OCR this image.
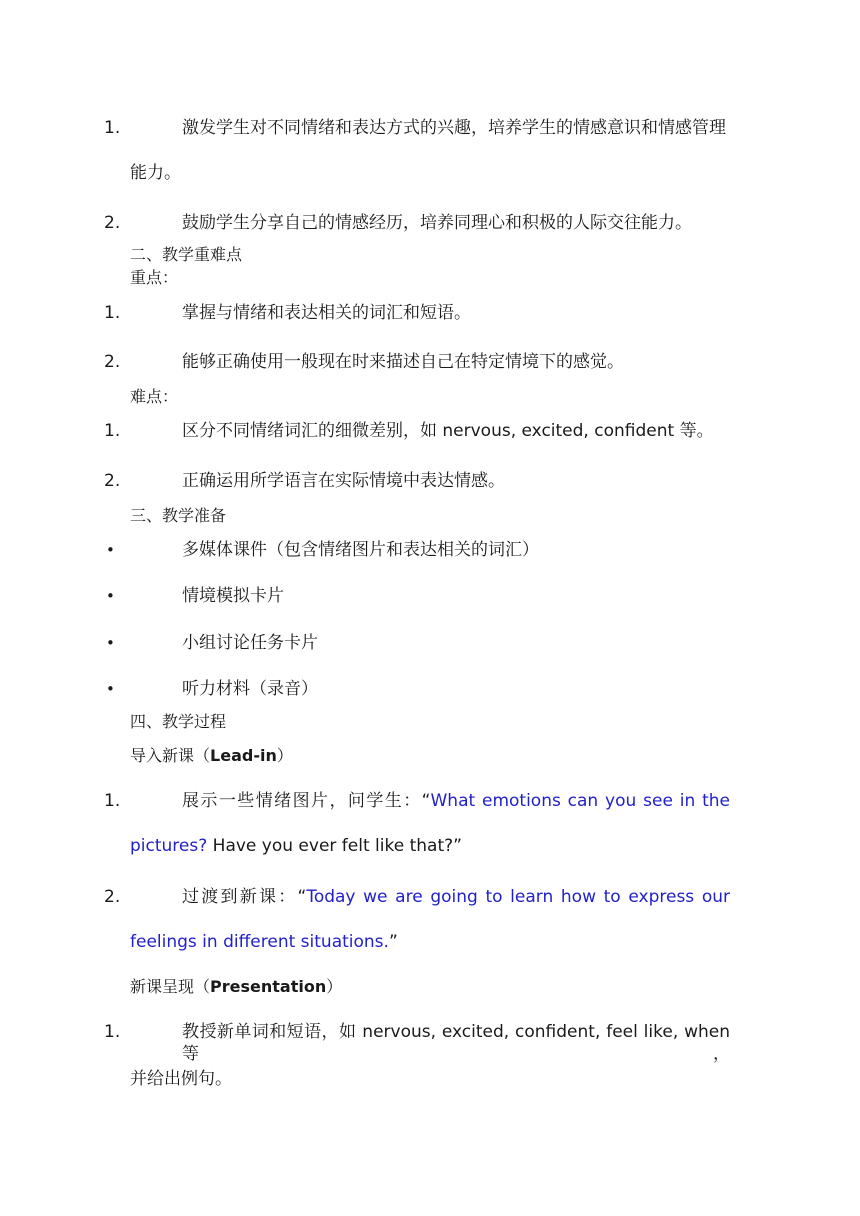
1.	激发学生对不同情绪和表达方式的兴趣，培养学生的情感意识和情感管理
能力。
2.	鼓励学生分享自己的情感经历，培养同理心和积极的人际交往能力。
二、教学重难点
重点：
1.	掌握与情绪和表达相关的词汇和短语。
2.	能够正确使用一般现在时来描述自己在特定情境下的感觉。
难点：
1.	区分不同情绪词汇的细微差别，如 nervous, excited, confident 等。
2.	正确运用所学语言在实际情境中表达情感。
三、教学准备
•	多媒体课件（包含情绪图片和表达相关的词汇）
•	情境模拟卡片
•	小组讨论任务卡片
•	听力材料（录音）
四、教学过程
导入新课（Lead-in）
1.	展示一些情绪图片，问学生：“What emotions can you see in the
pictures? Have you ever felt like that?”
2.	过渡到新课：“Today we are going to learn how to express our
feelings in different situations.”
新课呈现（Presentation）
1.	教授新单词和短语，如 nervous, excited, confident, feel like, when 等，
并给出例句。
